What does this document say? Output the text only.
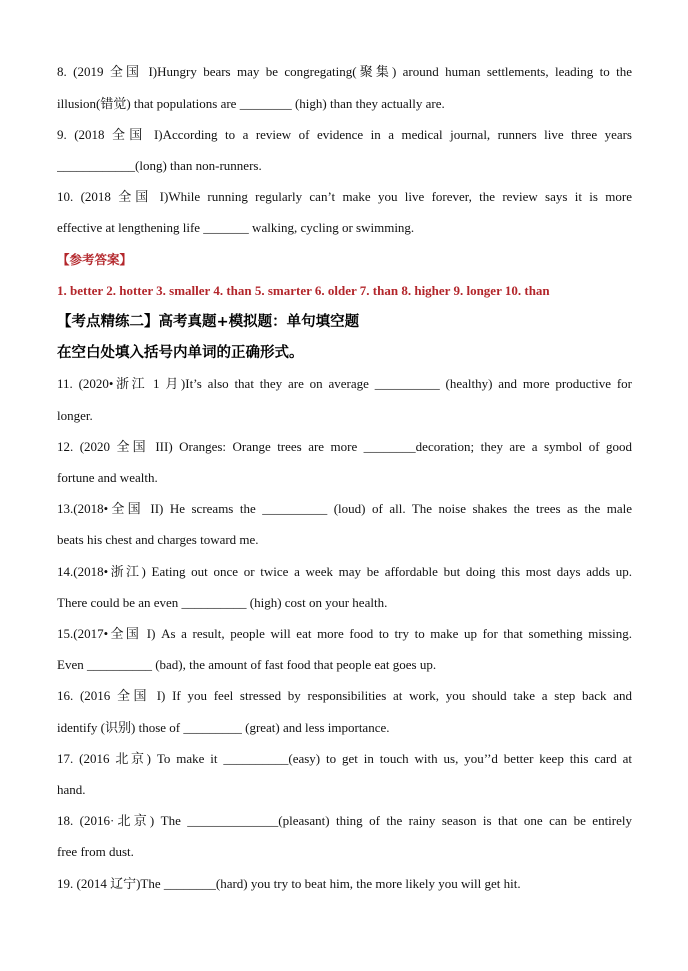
8. (2019 全国 I)Hungry bears may be congregating(聚集) around human settlements, leading to the
illusion(错觉) that populations are ________ (high) than they actually are.
9. (2018 全国 I)According to a review of evidence in a medical journal, runners live three years
____________(long) than non-runners.
10. (2018 全国 I)While running regularly can’t make you live forever, the review says it is more
effective at lengthening life _______ walking, cycling or swimming.
【参考答案】
1. better 2. hotter 3. smaller 4. than 5. smarter 6. older 7. than 8. higher 9. longer 10. than
【考点精练二】高考真题+模拟题：单句填空题
在空白处填入括号内单词的正确形式。
11. (2020•浙江 1 月)It’s also that they are on average __________ (healthy) and more productive for
longer.
12. (2020 全国 III) Oranges: Orange trees are more ________decoration; they are a symbol of good
fortune and wealth.
13.(2018•全国 II) He screams the __________ (loud) of all. The noise shakes the trees as the male
beats his chest and charges toward me.
14.(2018•浙江) Eating out once or twice a week may be affordable but doing this most days adds up.
There could be an even __________ (high) cost on your health.
15.(2017•全国 I) As a result, people will eat more food to try to make up for that something missing.
Even __________ (bad), the amount of fast food that people eat goes up.
16. (2016 全国 I) If you feel stressed by responsibilities at work, you should take a step back and
identify (识别) those of _________ (great) and less importance.
17. (2016 北京) To make it __________(easy) to get in touch with us, you’’d better keep this card at
hand.
18. (2016·北京) The ______________(pleasant) thing of the rainy season is that one can be entirely
free from dust.
19. (2014 辽宁)The ________(hard) you try to beat him, the more likely you will get hit.
